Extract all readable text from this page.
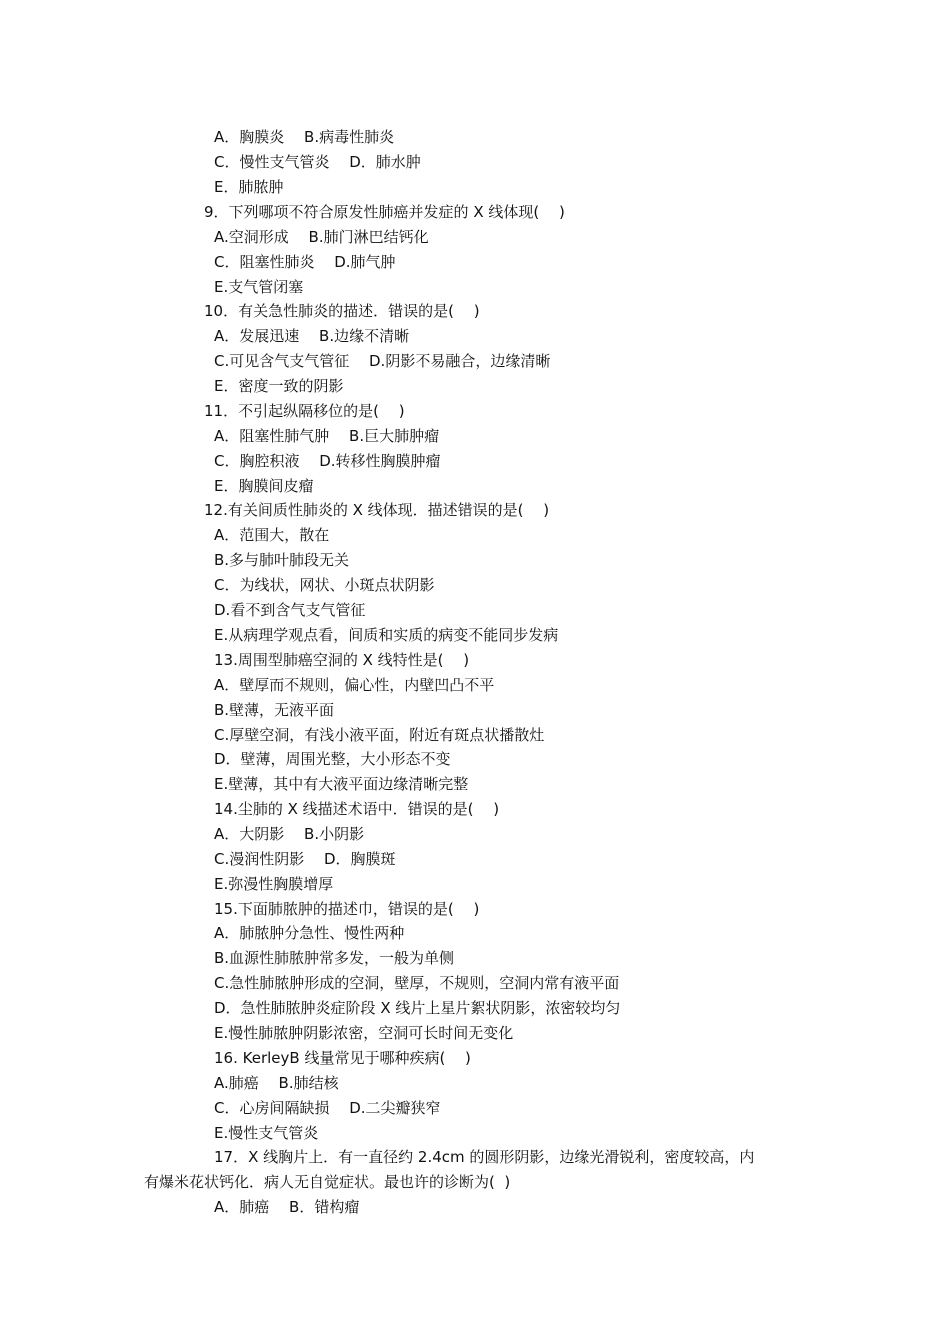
A．胸膜炎　 B.病毒性肺炎
C．慢性支气管炎　 D．肺水肿
E．肺脓肿
9．下列哪项不符合原发性肺癌并发症的 X 线体现(　 )
A.空洞形成　 B.肺门淋巴结钙化
C．阻塞性肺炎　 D.肺气肿
E.支气管闭塞
10．有关急性肺炎的描述．错误的是(　 )
A．发展迅速　 B.边缘不清晰
C.可见含气支气管征　 D.阴影不易融合，边缘清晰
E．密度一致的阴影
11．不引起纵隔移位的是(　 )
A．阻塞性肺气肿　 B.巨大肺肿瘤
C．胸腔积液　 D.转移性胸膜肿瘤
E．胸膜间皮瘤
12.有关间质性肺炎的 X 线体现．描述错误的是(　 )
A．范围大，散在
B.多与肺叶肺段无关
C．为线状，网状、小斑点状阴影
D.看不到含气支气管征
E.从病理学观点看，间质和实质的病变不能同步发病
13.周围型肺癌空洞的 X 线特性是(　 )
A．壁厚而不规则，偏心性，内壁凹凸不平
B.壁薄，无液平面
C.厚壁空洞，有浅小液平面，附近有斑点状播散灶
D．壁薄，周围光整，大小形态不变
E.壁薄，其中有大液平面边缘清晰完整
14.尘肺的 X 线描述术语中．错误的是(　 )
A．大阴影　 B.小阴影
C.漫润性阴影　 D．胸膜斑
E.弥漫性胸膜增厚
15.下面肺脓肿的描述巾，错误的是(　 )
A．肺脓肿分急性、慢性两种
B.血源性肺脓肿常多发，一般为单侧
C.急性肺脓肿形成的空洞，壁厚，不规则，空洞内常有液平面
D．急性肺脓肿炎症阶段 X 线片上星片絮状阴影，浓密较均匀
E.慢性肺脓肿阴影浓密，空洞可长时间无变化
16. KerleyB 线量常见于哪种疾病(　 )
A.肺癌　 B.肺结核
C．心房间隔缺损　 D.二尖瓣狭窄
E.慢性支气管炎
17．X 线胸片上．有一直径约 2.4cm 的圆形阴影，边缘光滑锐利，密度较高，内
有爆米花状钙化．病人无自觉症状。最也许的诊断为(  )
A．肺癌　 B．错构瘤
